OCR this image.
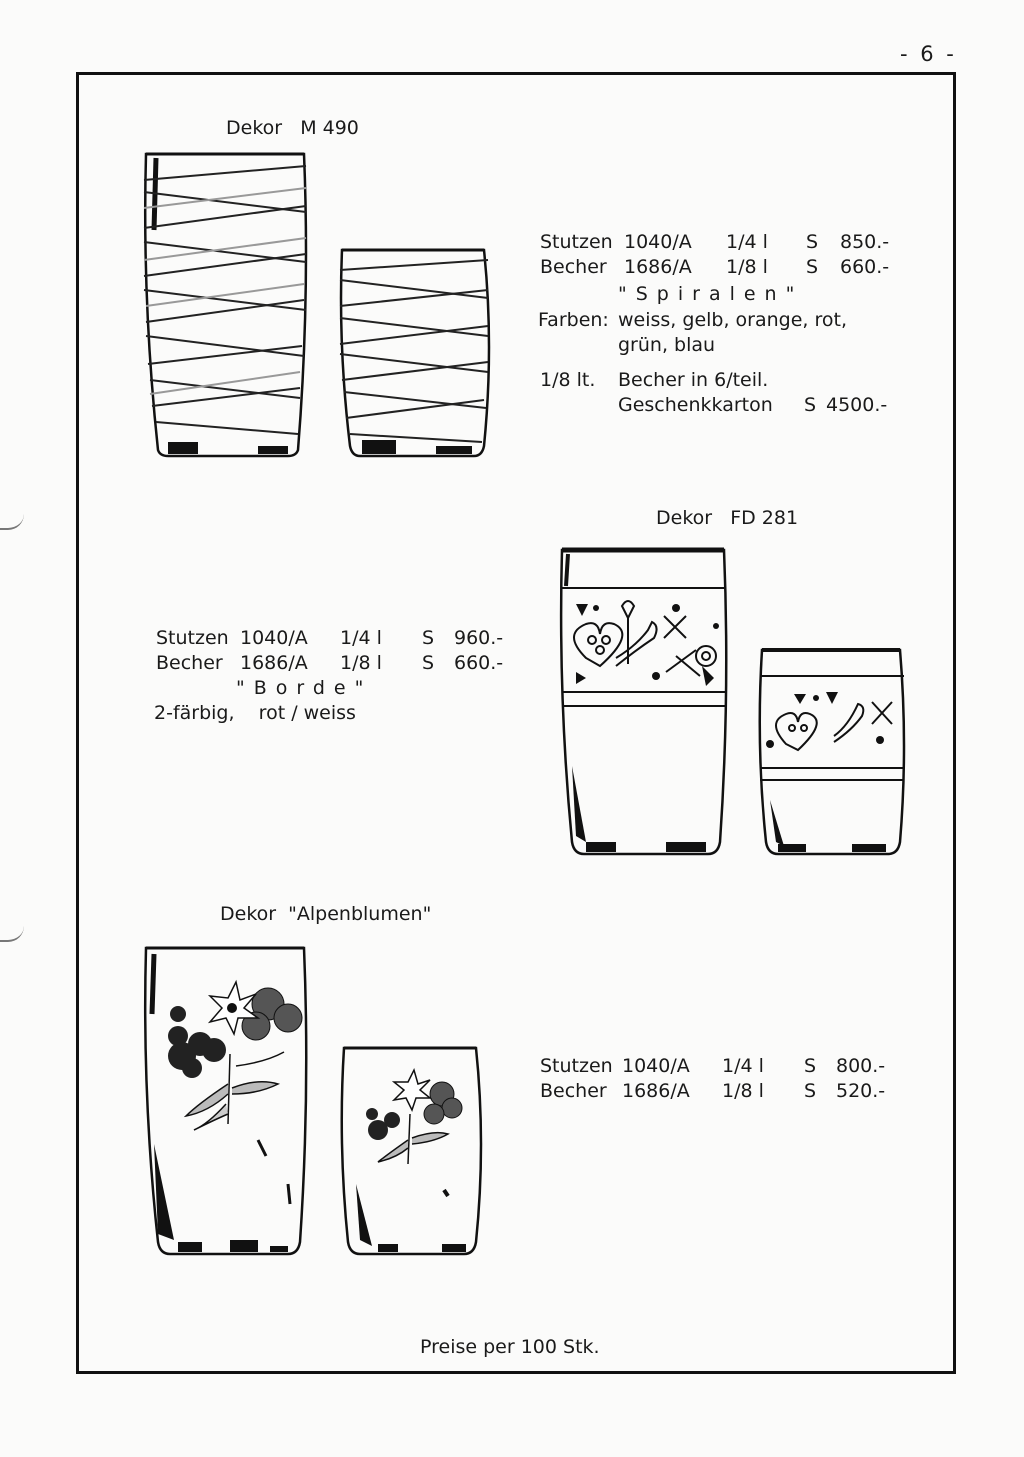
- 6 -
Dekor   M 490

Stutzen

1040/A

1/4 l

S

850.-

Becher

1686/A

1/8 l

S

660.-

"Spiralen"

Farben:

weiss, gelb, orange, rot,

grün, blau

1/8 lt.

Becher in 6/teil.

Geschenkkarton

S

4500.-

Dekor   FD 281

Stutzen

1040/A

1/4 l

S

960.-

Becher

1686/A

1/8 l

S

660.-

"Borde"

2-färbig,    rot / weiss

Dekor  "Alpenblumen"

Stutzen

1040/A

1/4 l

S

800.-

Becher

1686/A

1/8 l

S

520.-

Preise per 100 Stk.
